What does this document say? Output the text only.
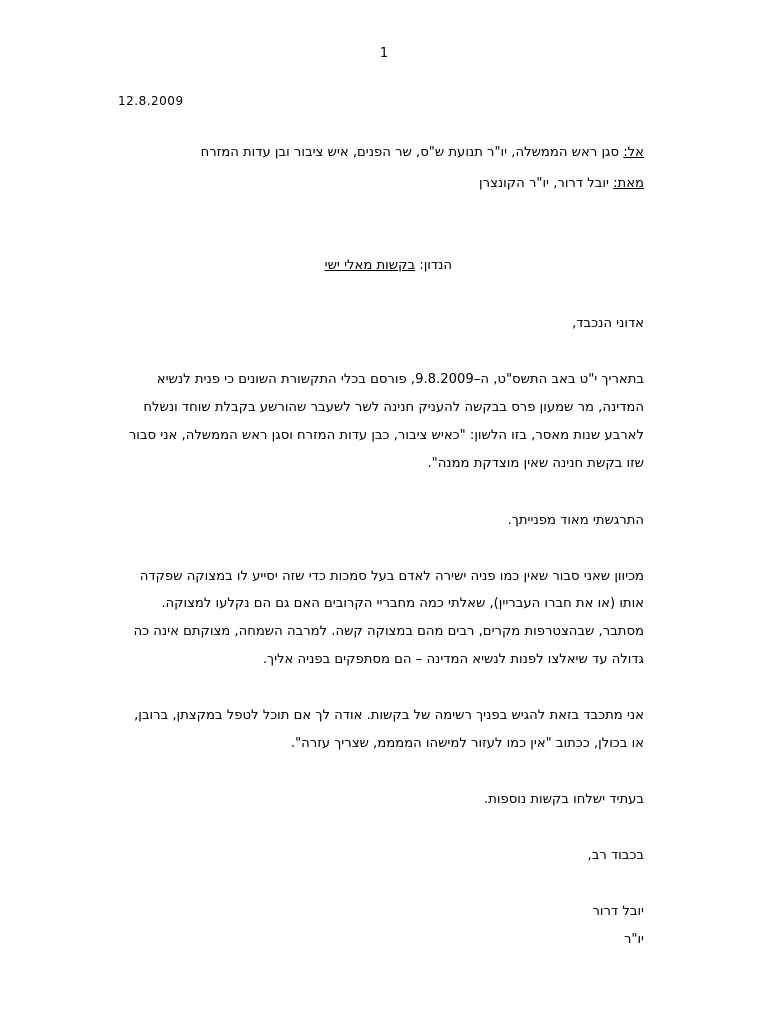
1
12.8.2009
אל: סגן ראש הממשלה, יו"ר תנועת ש"ס, שר הפנים, איש ציבור ובן עדות המזרח
מאת: יובל דרור, יו"ר הקונצרן
הנדון: בקשות מאלי ישי
אדוני הנכבד,
בתאריך י"ט באב התשס"ט, ה–9.8.2009, פורסם בכלי התקשורת השונים כי פנית לנשיא
המדינה, מר שמעון פרס בבקשה להעניק חנינה לשר לשעבר שהורשע בקבלת שוחד ונשלח
לארבע שנות מאסר, בזו הלשון: "כאיש ציבור, כבן עדות המזרח וסגן ראש הממשלה, אני סבור
שזו בקשת חנינה שאין מוצדקת ממנה".
התרגשתי מאוד מפנייתך.
מכיוון שאני סבור שאין כמו פניה ישירה לאדם בעל סמכות כדי שזה יסייע לו במצוקה שפקדה
אותו (או את חברו העבריין), שאלתי כמה מחבריי הקרובים האם גם הם נקלעו למצוקה.
מסתבר, שבהצטרפות מקרים, רבים מהם במצוקה קשה. למרבה השמחה, מצוקתם אינה כה
גדולה עד שיאלצו לפנות לנשיא המדינה – הם מסתפקים בפניה אליך.
אני מתכבד בזאת להגיש בפניך רשימה של בקשות. אודה לך אם תוכל לטפל במקצתן, ברובן,
או בכולן, ככתוב "אין כמו לעזור למישהו הממממ, שצריך עזרה".
בעתיד ישלחו בקשות נוספות.
בכבוד רב,
יובל דרור
יו"ר
